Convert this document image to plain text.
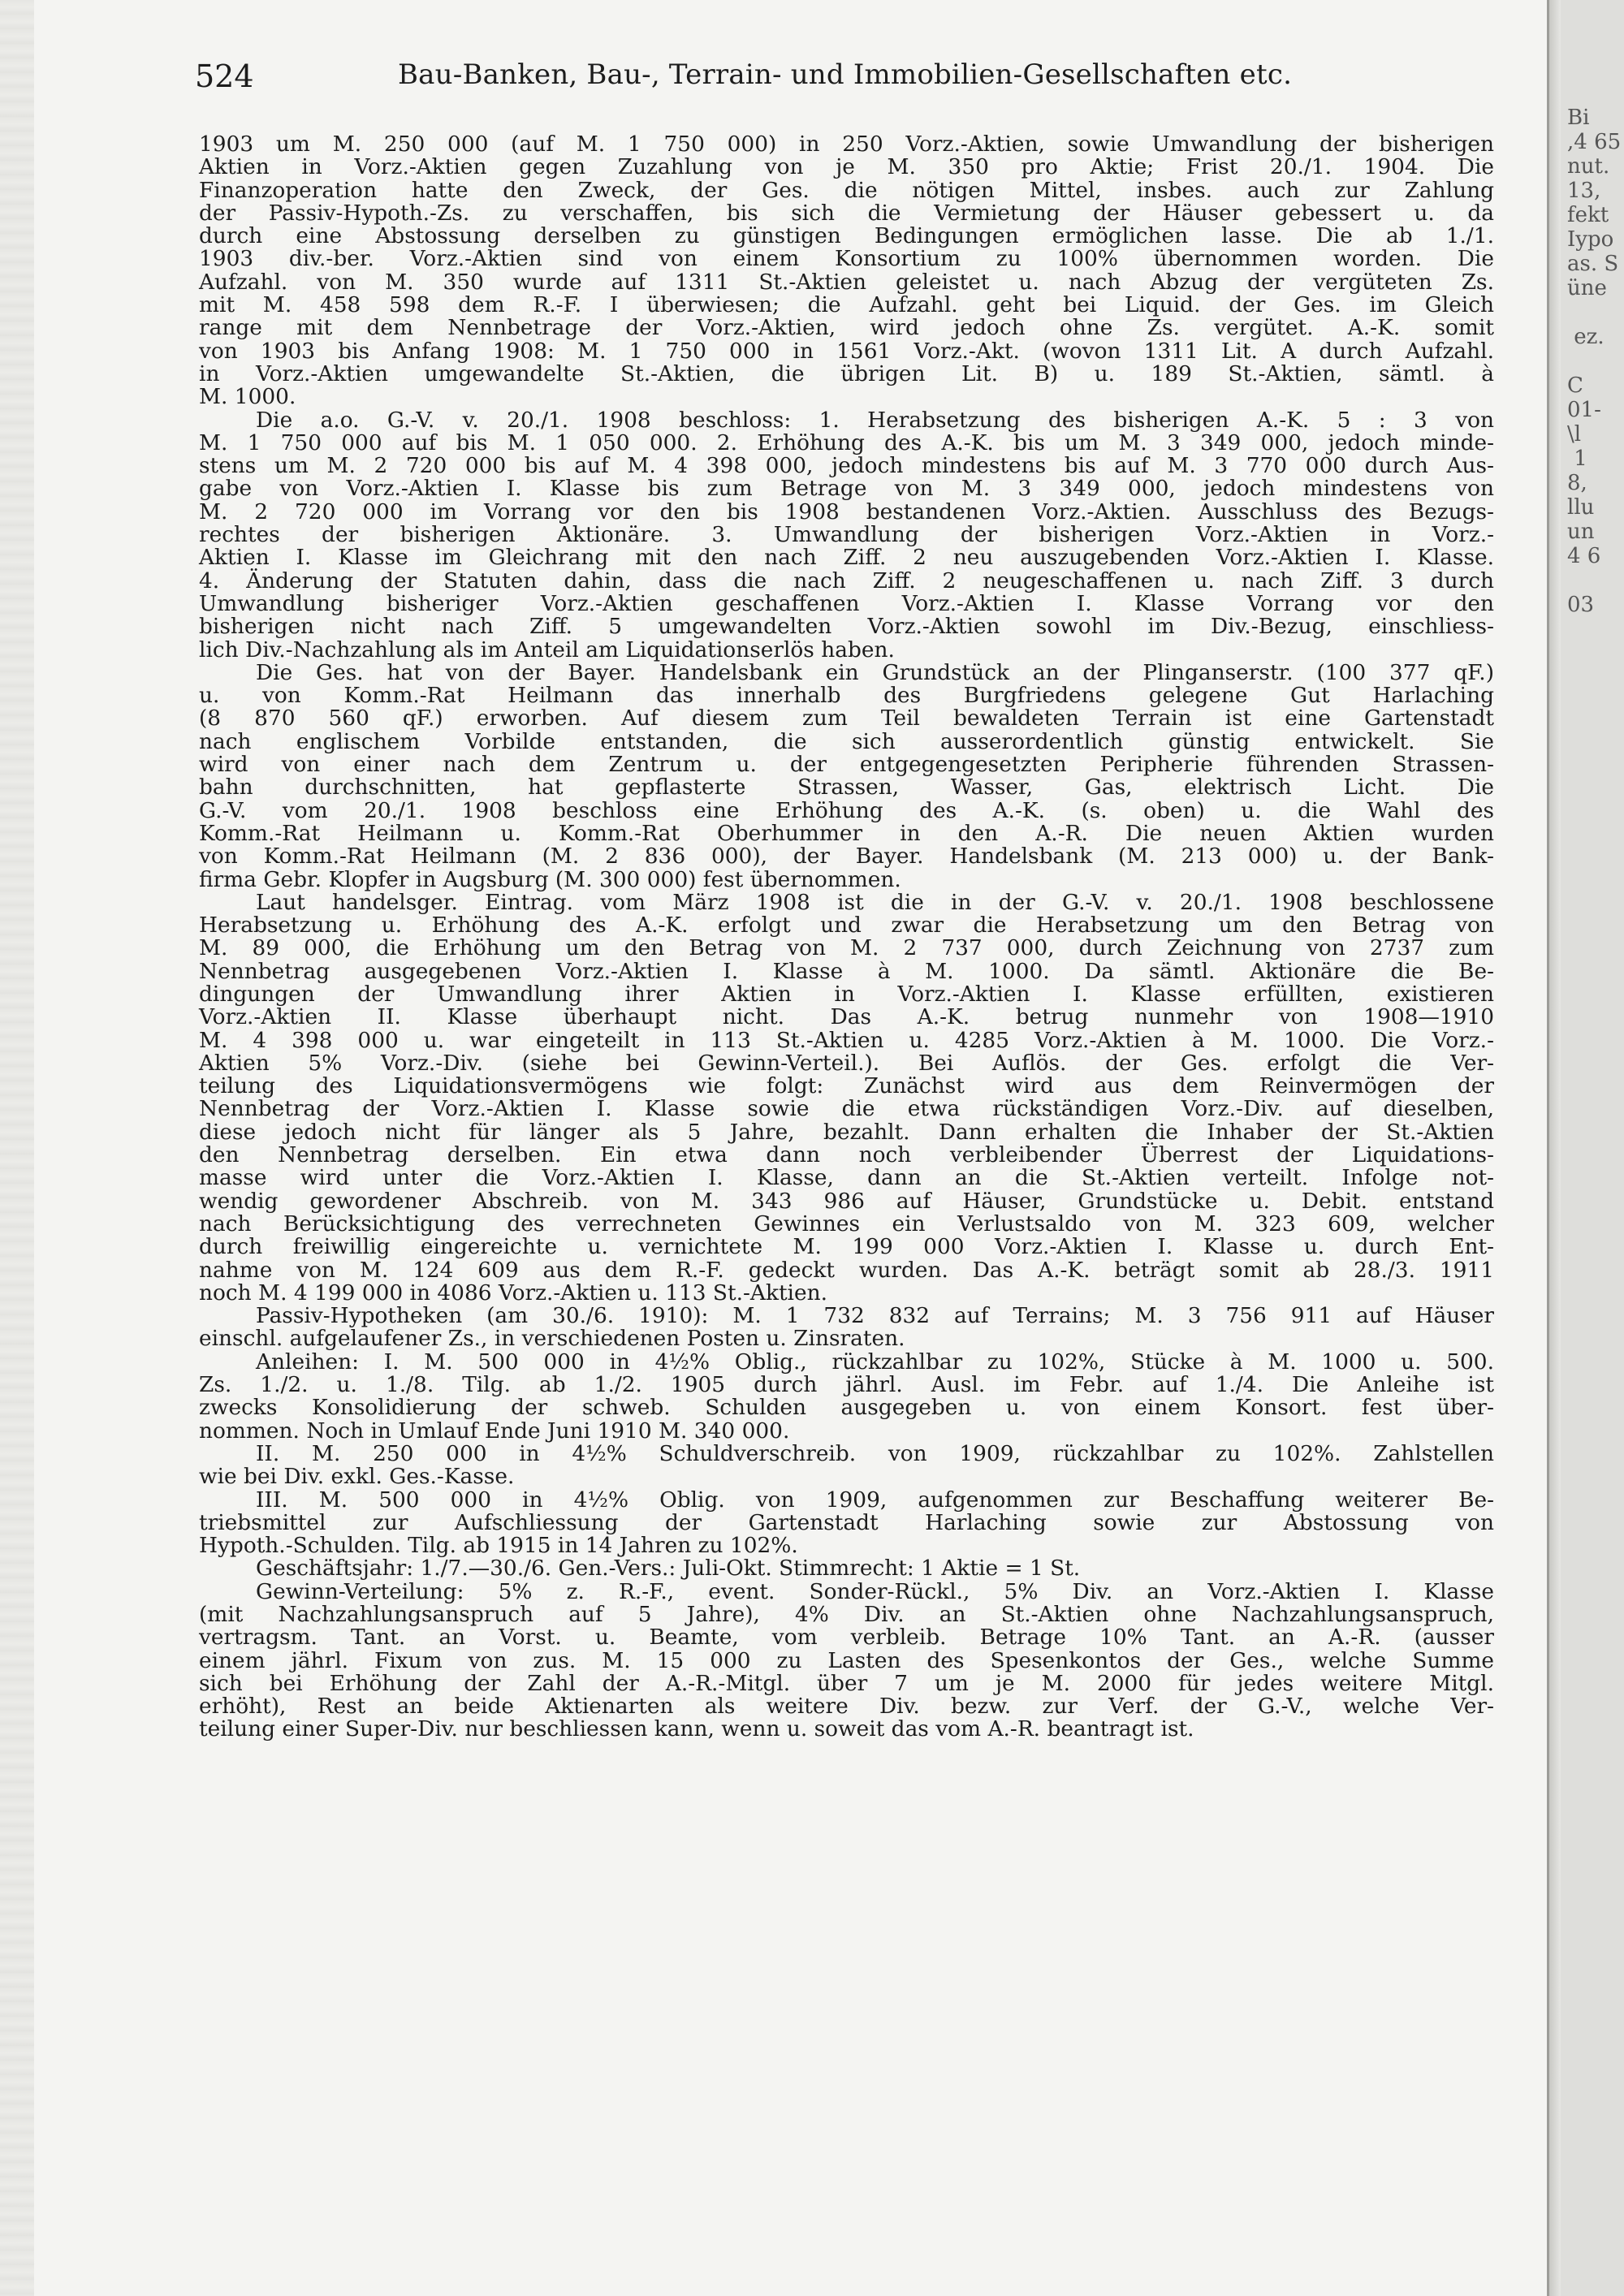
524	Bau-Banken, Bau-, Terrain- und Immobilien-Gesellschaften etc.
1903 um M. 250 000 (auf M. 1 750 000) in 250 Vorz.-Aktien, sowie Umwandlung der bisherigen
Aktien in Vorz.-Aktien gegen Zuzahlung von je M. 350 pro Aktie; Frist 20./1. 1904. Die
Finanzoperation hatte den Zweck, der Ges. die nötigen Mittel, insbes. auch zur Zahlung
der Passiv-Hypoth.-Zs. zu verschaffen, bis sich die Vermietung der Häuser gebessert u. da
durch eine Abstossung derselben zu günstigen Bedingungen ermöglichen lasse. Die ab 1./1.
1903 div.-ber. Vorz.-Aktien sind von einem Konsortium zu 100% übernommen worden. Die
Aufzahl. von M. 350 wurde auf 1311 St.-Aktien geleistet u. nach Abzug der vergüteten Zs.
mit M. 458 598 dem R.-F. I überwiesen; die Aufzahl. geht bei Liquid. der Ges. im Gleich
range mit dem Nennbetrage der Vorz.-Aktien, wird jedoch ohne Zs. vergütet. A.-K. somit
von 1903 bis Anfang 1908: M. 1 750 000 in 1561 Vorz.-Akt. (wovon 1311 Lit. A durch Aufzahl.
in Vorz.-Aktien umgewandelte St.-Aktien, die übrigen Lit. B) u. 189 St.-Aktien, sämtl. à
M. 1000.
Die a.o. G.-V. v. 20./1. 1908 beschloss: 1. Herabsetzung des bisherigen A.-K. 5 : 3 von
M. 1 750 000 auf bis M. 1 050 000. 2. Erhöhung des A.-K. bis um M. 3 349 000, jedoch minde-
stens um M. 2 720 000 bis auf M. 4 398 000, jedoch mindestens bis auf M. 3 770 000 durch Aus-
gabe von Vorz.-Aktien I. Klasse bis zum Betrage von M. 3 349 000, jedoch mindestens von
M. 2 720 000 im Vorrang vor den bis 1908 bestandenen Vorz.-Aktien. Ausschluss des Bezugs-
rechtes der bisherigen Aktionäre. 3. Umwandlung der bisherigen Vorz.-Aktien in Vorz.-
Aktien I. Klasse im Gleichrang mit den nach Ziff. 2 neu auszugebenden Vorz.-Aktien I. Klasse.
4. Änderung der Statuten dahin, dass die nach Ziff. 2 neugeschaffenen u. nach Ziff. 3 durch
Umwandlung bisheriger Vorz.-Aktien geschaffenen Vorz.-Aktien I. Klasse Vorrang vor den
bisherigen nicht nach Ziff. 5 umgewandelten Vorz.-Aktien sowohl im Div.-Bezug, einschliess-
lich Div.-Nachzahlung als im Anteil am Liquidationserlös haben.
Die Ges. hat von der Bayer. Handelsbank ein Grundstück an der Plinganserstr. (100 377 qF.)
u. von Komm.-Rat Heilmann das innerhalb des Burgfriedens gelegene Gut Harlaching
(8 870 560 qF.) erworben. Auf diesem zum Teil bewaldeten Terrain ist eine Gartenstadt
nach englischem Vorbilde entstanden, die sich ausserordentlich günstig entwickelt. Sie
wird von einer nach dem Zentrum u. der entgegengesetzten Peripherie führenden Strassen-
bahn durchschnitten, hat gepflasterte Strassen, Wasser, Gas, elektrisch Licht. Die
G.-V. vom 20./1. 1908 beschloss eine Erhöhung des A.-K. (s. oben) u. die Wahl des
Komm.-Rat Heilmann u. Komm.-Rat Oberhummer in den A.-R. Die neuen Aktien wurden
von Komm.-Rat Heilmann (M. 2 836 000), der Bayer. Handelsbank (M. 213 000) u. der Bank-
firma Gebr. Klopfer in Augsburg (M. 300 000) fest übernommen.
Laut handelsger. Eintrag. vom März 1908 ist die in der G.-V. v. 20./1. 1908 beschlossene
Herabsetzung u. Erhöhung des A.-K. erfolgt und zwar die Herabsetzung um den Betrag von
M. 89 000, die Erhöhung um den Betrag von M. 2 737 000, durch Zeichnung von 2737 zum
Nennbetrag ausgegebenen Vorz.-Aktien I. Klasse à M. 1000. Da sämtl. Aktionäre die Be-
dingungen der Umwandlung ihrer Aktien in Vorz.-Aktien I. Klasse erfüllten, existieren
Vorz.-Aktien II. Klasse überhaupt nicht. Das A.-K. betrug nunmehr von 1908—1910
M. 4 398 000 u. war eingeteilt in 113 St.-Aktien u. 4285 Vorz.-Aktien à M. 1000. Die Vorz.-
Aktien 5% Vorz.-Div. (siehe bei Gewinn-Verteil.). Bei Auflös. der Ges. erfolgt die Ver-
teilung des Liquidationsvermögens wie folgt: Zunächst wird aus dem Reinvermögen der
Nennbetrag der Vorz.-Aktien I. Klasse sowie die etwa rückständigen Vorz.-Div. auf dieselben,
diese jedoch nicht für länger als 5 Jahre, bezahlt. Dann erhalten die Inhaber der St.-Aktien
den Nennbetrag derselben. Ein etwa dann noch verbleibender Überrest der Liquidations-
masse wird unter die Vorz.-Aktien I. Klasse, dann an die St.-Aktien verteilt. Infolge not-
wendig gewordener Abschreib. von M. 343 986 auf Häuser, Grundstücke u. Debit. entstand
nach Berücksichtigung des verrechneten Gewinnes ein Verlustsaldo von M. 323 609, welcher
durch freiwillig eingereichte u. vernichtete M. 199 000 Vorz.-Aktien I. Klasse u. durch Ent-
nahme von M. 124 609 aus dem R.-F. gedeckt wurden. Das A.-K. beträgt somit ab 28./3. 1911
noch M. 4 199 000 in 4086 Vorz.-Aktien u. 113 St.-Aktien.
Passiv-Hypotheken (am 30./6. 1910): M. 1 732 832 auf Terrains; M. 3 756 911 auf Häuser
einschl. aufgelaufener Zs., in verschiedenen Posten u. Zinsraten.
Anleihen: I. M. 500 000 in 4½% Oblig., rückzahlbar zu 102%, Stücke à M. 1000 u. 500.
Zs. 1./2. u. 1./8. Tilg. ab 1./2. 1905 durch jährl. Ausl. im Febr. auf 1./4. Die Anleihe ist
zwecks Konsolidierung der schweb. Schulden ausgegeben u. von einem Konsort. fest über-
nommen. Noch in Umlauf Ende Juni 1910 M. 340 000.
II. M. 250 000 in 4½% Schuldverschreib. von 1909, rückzahlbar zu 102%. Zahlstellen
wie bei Div. exkl. Ges.-Kasse.
III. M. 500 000 in 4½% Oblig. von 1909, aufgenommen zur Beschaffung weiterer Be-
triebsmittel zur Aufschliessung der Gartenstadt Harlaching sowie zur Abstossung von
Hypoth.-Schulden. Tilg. ab 1915 in 14 Jahren zu 102%.
Geschäftsjahr: 1./7.—30./6. Gen.-Vers.: Juli-Okt. Stimmrecht: 1 Aktie = 1 St.
Gewinn-Verteilung: 5% z. R.-F., event. Sonder-Rückl., 5% Div. an Vorz.-Aktien I. Klasse
(mit Nachzahlungsanspruch auf 5 Jahre), 4% Div. an St.-Aktien ohne Nachzahlungsanspruch,
vertragsm. Tant. an Vorst. u. Beamte, vom verbleib. Betrage 10% Tant. an A.-R. (ausser
einem jährl. Fixum von zus. M. 15 000 zu Lasten des Spesenkontos der Ges., welche Summe
sich bei Erhöhung der Zahl der A.-R.-Mitgl. über 7 um je M. 2000 für jedes weitere Mitgl.
erhöht), Rest an beide Aktienarten als weitere Div. bezw. zur Verf. der G.-V., welche Ver-
teilung einer Super-Div. nur beschliessen kann, wenn u. soweit das vom A.-R. beantragt ist.
Bi
,4 65
nut.
13,
fekt
Iypo
as. S
üne

ez.

C
01-
\l
1
8,
llu
un
4 6

03
